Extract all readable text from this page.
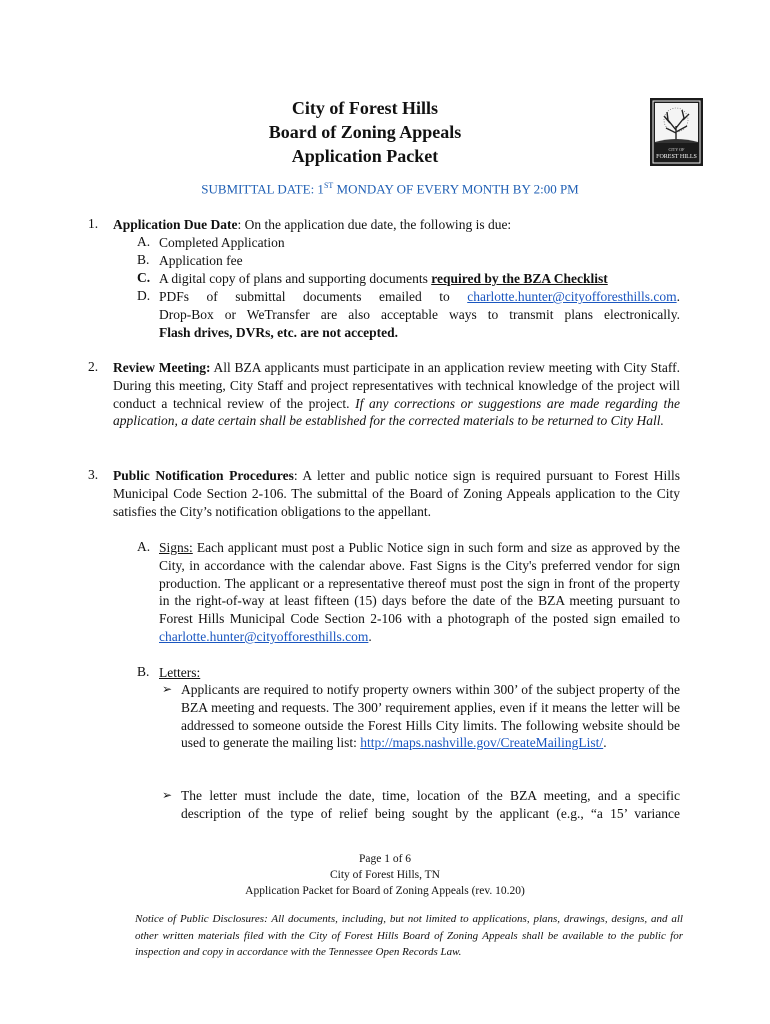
City of Forest Hills
Board of Zoning Appeals
Application Packet	CITY OF
FOREST HILLS
SUBMITTAL DATE: 1ST MONDAY OF EVERY MONTH BY 2:00 PM
1. Application Due Date: On the application due date, the following is due:
A. Completed Application
B. Application fee
C. A digital copy of plans and supporting documents required by the BZA Checklist
D. PDFs of submittal documents emailed to charlotte.hunter@cityofforesthills.com.
Drop-Box or WeTransfer are also acceptable ways to transmit plans electronically.
Flash drives, DVRs, etc. are not accepted.
2. Review Meeting: All BZA applicants must participate in an application review meeting with City Staff. During this meeting, City Staff and project representatives with technical knowledge of the project will conduct a technical review of the project. If any corrections or suggestions are made regarding the application, a date certain shall be established for the corrected materials to be returned to City Hall.
3. Public Notification Procedures: A letter and public notice sign is required pursuant to Forest Hills Municipal Code Section 2-106. The submittal of the Board of Zoning Appeals application to the City satisfies the City’s notification obligations to the appellant.
A. Signs: Each applicant must post a Public Notice sign in such form and size as approved by the City, in accordance with the calendar above. Fast Signs is the City's preferred vendor for sign production. The applicant or a representative thereof must post the sign in front of the property in the right-of-way at least fifteen (15) days before the date of the BZA meeting pursuant to Forest Hills Municipal Code Section 2-106 with a photograph of the posted sign emailed to charlotte.hunter@cityofforesthills.com.
B. Letters:
➢ Applicants are required to notify property owners within 300’ of the subject property of the BZA meeting and requests. The 300’ requirement applies, even if it means the letter will be addressed to someone outside the Forest Hills City limits. The following website should be used to generate the mailing list: http://maps.nashville.gov/CreateMailingList/.
➢ The letter must include the date, time, location of the BZA meeting, and a specific description of the type of relief being sought by the applicant (e.g., “a 15’ variance
Page 1 of 6
City of Forest Hills, TN
Application Packet for Board of Zoning Appeals (rev. 10.20)
Notice of Public Disclosures: All documents, including, but not limited to applications, plans, drawings, designs, and all other written materials filed with the City of Forest Hills Board of Zoning Appeals shall be available to the public for inspection and copy in accordance with the Tennessee Open Records Law.
